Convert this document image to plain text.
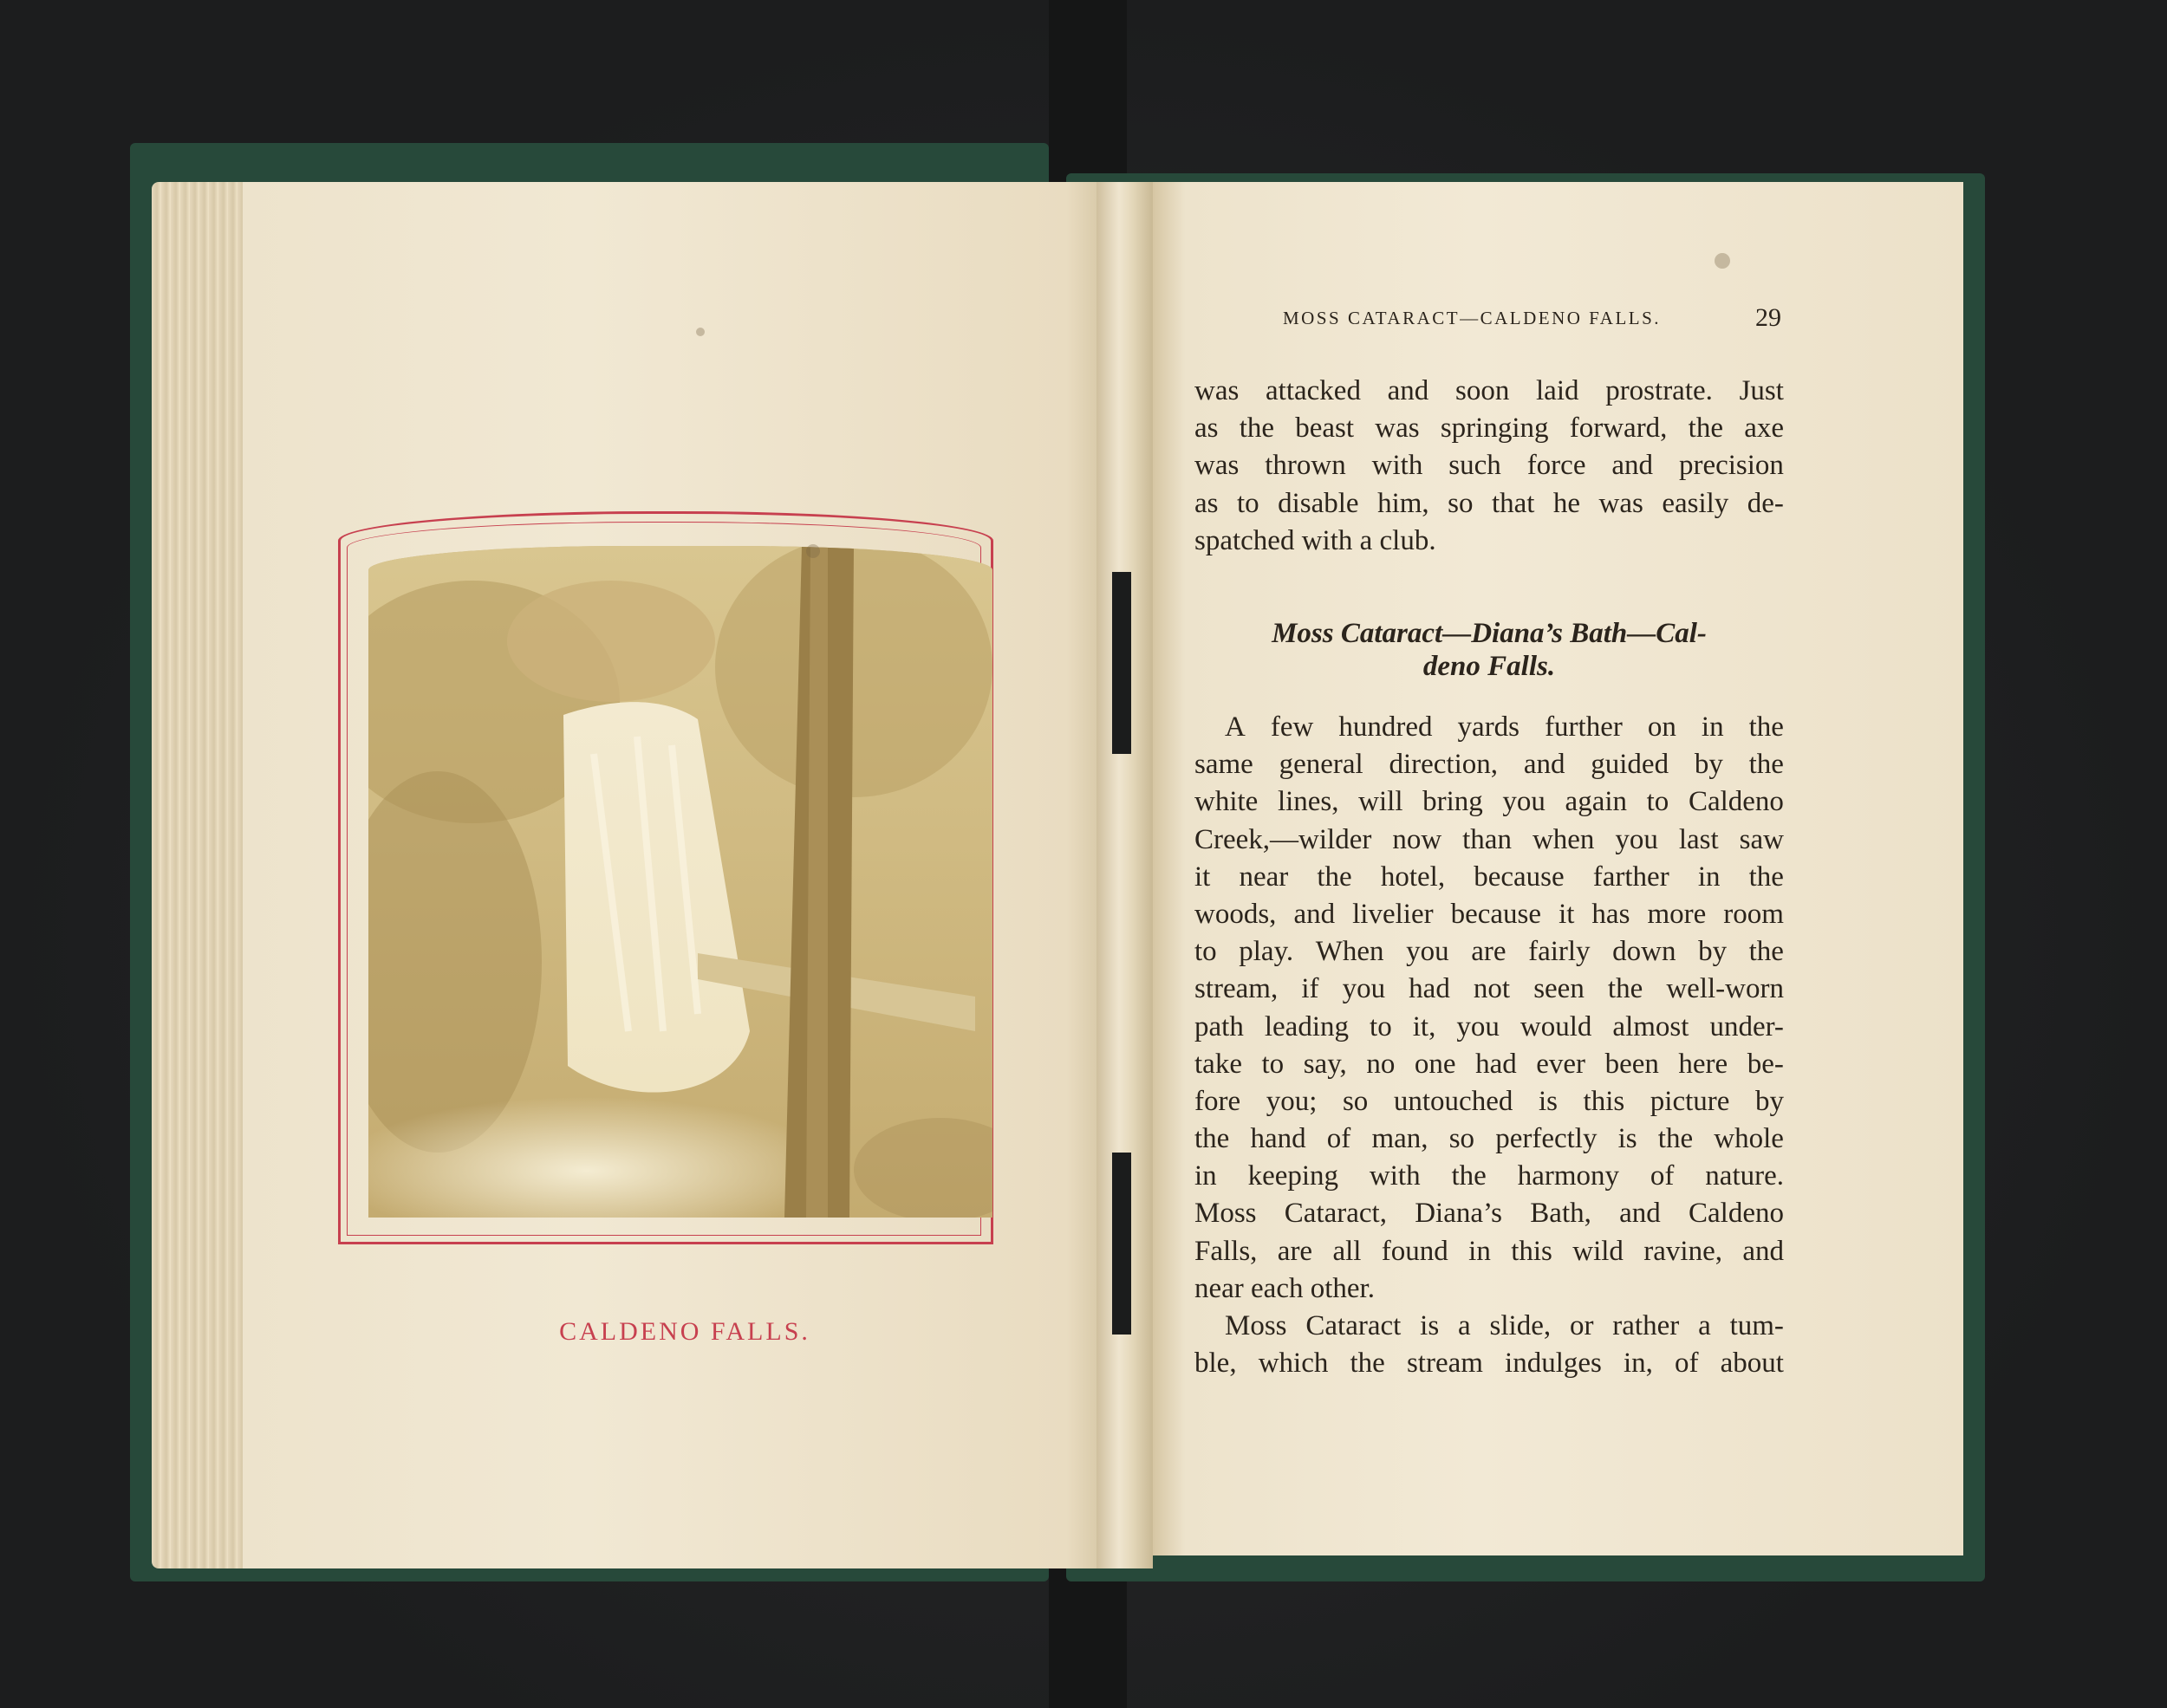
CALDENO FALLS.
MOSS CATARACT—CALDENO FALLS.	29
was attacked and soon laid prostrate. Just
as the beast was springing forward, the axe
was thrown with such force and precision
as to disable him, so that he was easily de-
spatched with a club.
Moss Cataract—Diana’s Bath—Cal-
deno Falls.
A few hundred yards further on in the
same general direction, and guided by the
white lines, will bring you again to Caldeno
Creek,—wilder now than when you last saw
it near the hotel, because farther in the
woods, and livelier because it has more room
to play. When you are fairly down by the
stream, if you had not seen the well-worn
path leading to it, you would almost under-
take to say, no one had ever been here be-
fore you; so untouched is this picture by
the hand of man, so perfectly is the whole
in keeping with the harmony of nature.
Moss Cataract, Diana’s Bath, and Caldeno
Falls, are all found in this wild ravine, and
near each other.
Moss Cataract is a slide, or rather a tum-
ble, which the stream indulges in, of about
